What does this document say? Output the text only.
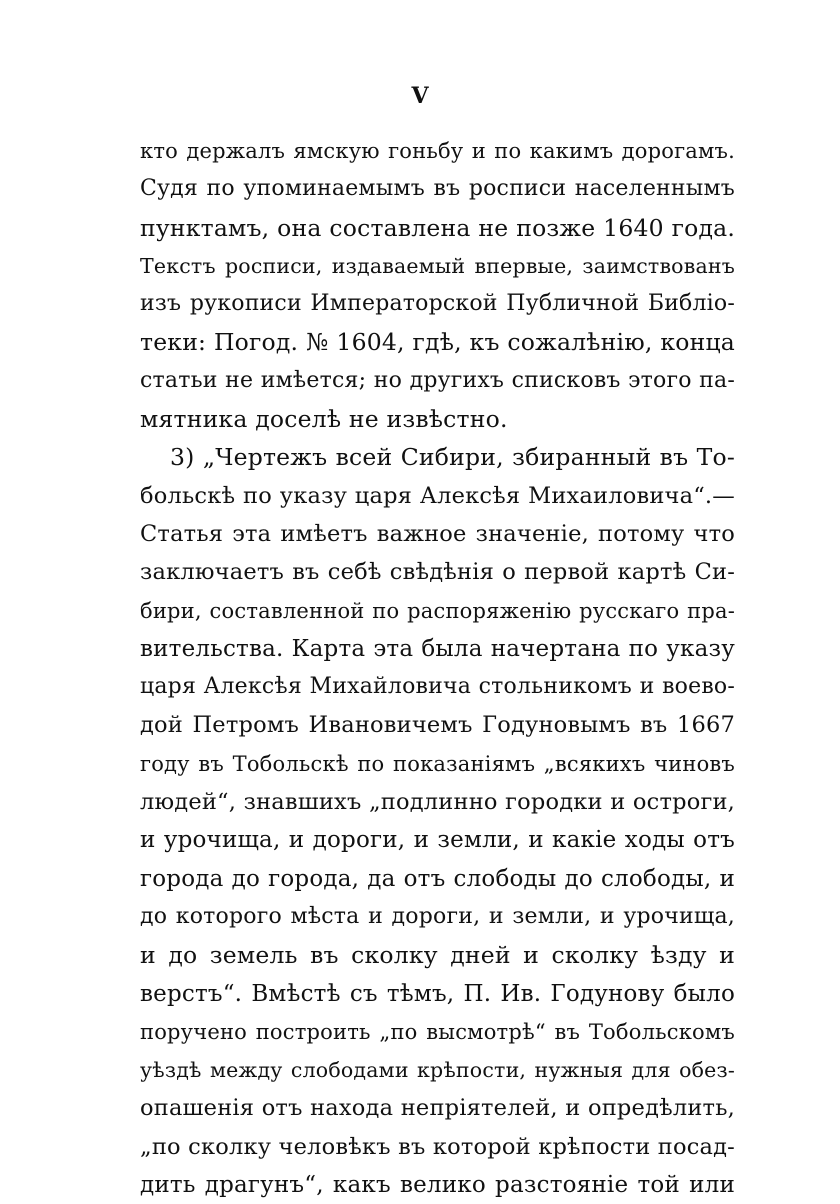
V
кто держалъ ямскую гоньбу и по какимъ дорогамъ.
Судя по упоминаемымъ въ росписи населеннымъ
пунктамъ, она составлена не позже 1640 года.
Текстъ росписи, издаваемый впервые, заимствованъ
изъ рукописи Императорской Публичной Библіо-
теки: Погод. № 1604, гдѣ, къ сожалѣнію, конца
статьи не имѣется; но другихъ списковъ этого па-
мятника доселѣ не извѣстно.
3) „Чертежъ всей Сибири, збиранный въ То-
больскѣ по указу царя Алексѣя Михаиловича“.—
Статья эта имѣетъ важное значеніе, потому что
заключаетъ въ себѣ свѣдѣнія о первой картѣ Си-
бири, составленной по распоряженію русскаго пра-
вительства. Карта эта была начертана по указу
царя Алексѣя Михайловича стольникомъ и воево-
дой Петромъ Ивановичемъ Годуновымъ въ 1667
году въ Тобольскѣ по показаніямъ „всякихъ чиновъ
людей“, знавшихъ „подлинно городки и остроги,
и урочища, и дороги, и земли, и какіе ходы отъ
города до города, да отъ слободы до слободы, и
до которого мѣста и дороги, и земли, и урочища,
и до земель въ сколку дней и сколку ѣзду и
верстъ“. Вмѣстѣ съ тѣмъ, П. Ив. Годунову было
поручено построить „по высмотрѣ“ въ Тобольскомъ
уѣздѣ между слободами крѣпости, нужныя для обез-
опашенія отъ находа непріятелей, и опредѣлить,
„по сколку человѣкъ въ которой крѣпости посад-
дить драгунъ“, какъ велико разстояніе той или
